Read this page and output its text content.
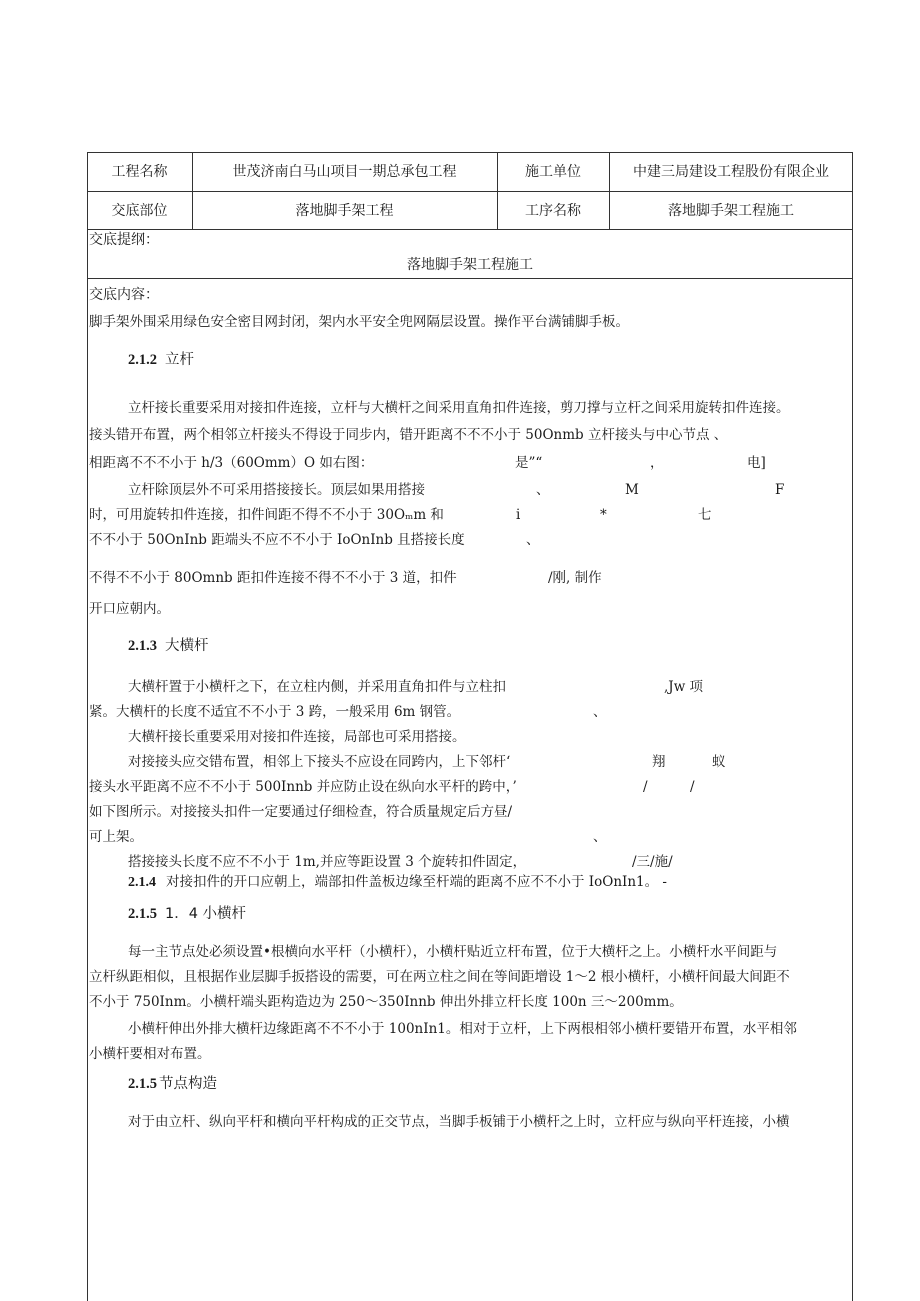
工程名称	世茂济南白马山项目一期总承包工程	施工单位	中建三局建设工程股份有限企业
交底部位	落地脚手架工程	工序名称	落地脚手架工程施工
交底提纲：
落地脚手架工程施工
交底内容：
脚手架外围采用绿色安全密目网封闭，架内水平安全兜网隔层设置。操作平台满铺脚手板。
2.1.2 立杆
立杆接长重要采用对接扣件连接，立杆与大横杆之间采用直角扣件连接，剪刀撑与立杆之间采用旋转扣件连接。
接头错开布置，两个相邻立杆接头不得设于同步内，错开距离不不不小于 50Onmb 立杆接头与中心节点 、
相距离不不不小于 h/3（60Omm）O 如右图：	是”“	，	电]
立杆除顶层外不可采用搭接接长。顶层如果用搭接	、	M	F
时，可用旋转扣件连接，扣件间距不得不不小于 30Oₘm 和	i	*	七
不不小于 50OnInb 距端头不应不不小于 IoOnInb 且搭接长度	、
不得不不小于 80Omnb 距扣件连接不得不不小于 3 道，扣件	/刚, 制作
开口应朝内。
2.1.3 大横杆
大横杆置于小横杆之下，在立柱内侧，并采用直角扣件与立柱扣	,Jw 项
紧。大横杆的长度不适宜不不小于 3 跨，一般采用 6m 钢管。	、
大横杆接长重要采用对接扣件连接，局部也可采用搭接。
对接接头应交错布置，相邻上下接头不应设在同跨内，上下邻杆‘	翔	蚁
接头水平距离不应不不小于 500Innb 并应防止设在纵向水平杆的跨中，’	/	/
如下图所示。对接接头扣件一定要通过仔细检查，符合质量规定后方昼/
可上架。	、
搭接接头长度不应不不小于 1m,并应等距设置 3 个旋转扣件固定，	/三/施/
2.1.4 对接扣件的开口应朝上，端部扣件盖板边缘至杆端的距离不应不不小于 IoOnIn1。 -
2.1.5 1．4 小横杆
每一主节点处必须设置•根横向水平杆（小横杆），小横杆贴近立杆布置，位于大横杆之上。小横杆水平间距与
立杆纵距相似，且根据作业层脚手扳搭设的需要，可在两立柱之间在等间距增设 1～2 根小横杆，小横杆间最大间距不
不小于 750Inm。小横杆端头距构造边为 250～350Innb 伸出外排立杆长度 100n 三～200mm。
小横杆伸出外排大横杆边缘距离不不不小于 100nIn1。相对于立杆，上下两根相邻小横杆要错开布置，水平相邻
小横杆要相对布置。
2.1.5 节点构造
对于由立杆、纵向平杆和横向平杆构成的正交节点，当脚手板铺于小横杆之上时，立杆应与纵向平杆连接，小横
